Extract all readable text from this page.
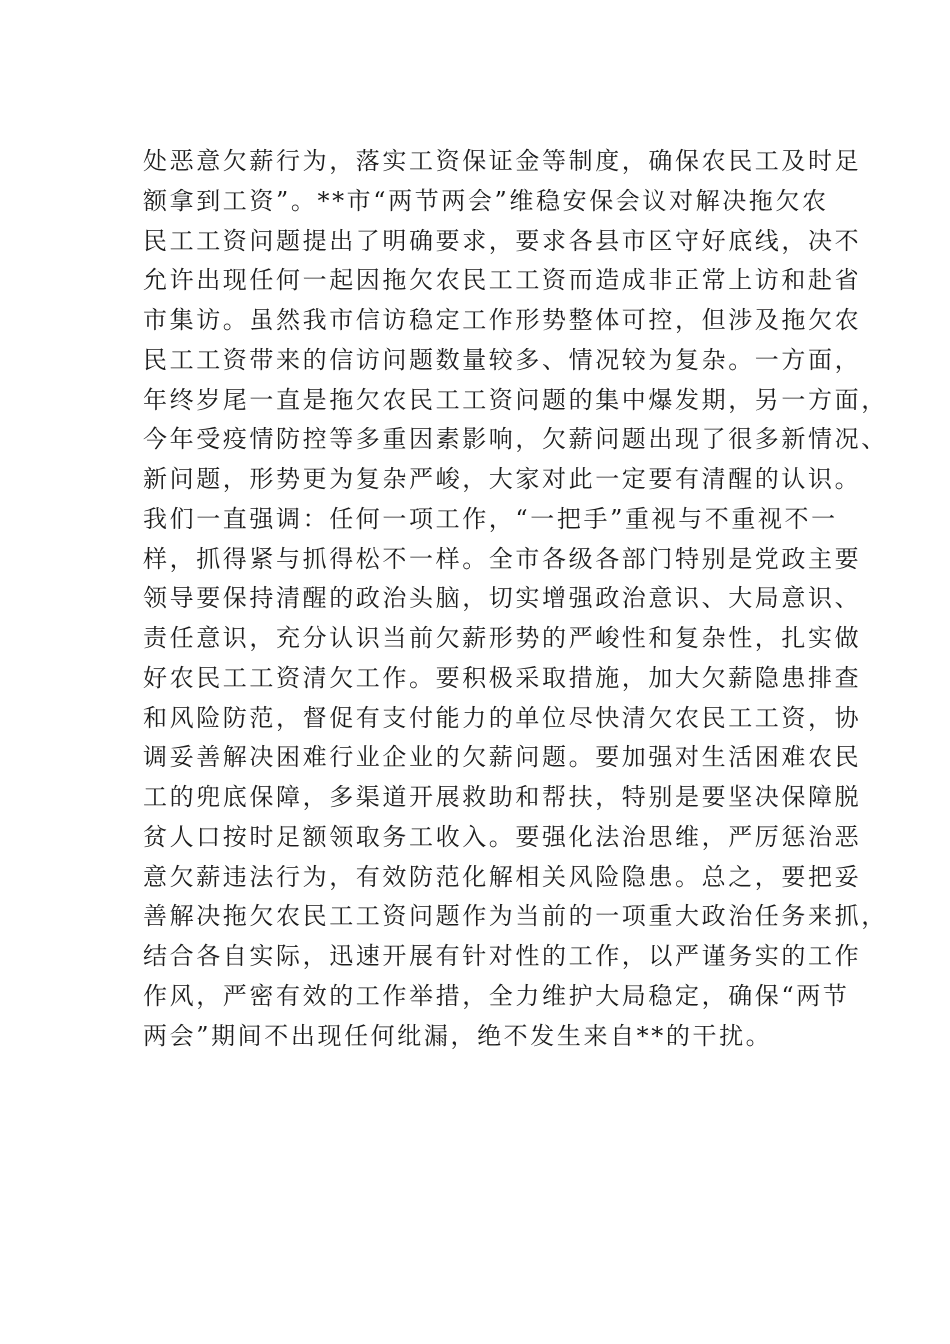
处恶意欠薪行为，落实工资保证金等制度，确保农民工及时足
额拿到工资”。**市“两节两会”维稳安保会议对解决拖欠农
民工工资问题提出了明确要求，要求各县市区守好底线，决不
允许出现任何一起因拖欠农民工工资而造成非正常上访和赴省
市集访。虽然我市信访稳定工作形势整体可控，但涉及拖欠农
民工工资带来的信访问题数量较多、情况较为复杂。一方面，
年终岁尾一直是拖欠农民工工资问题的集中爆发期，另一方面，
今年受疫情防控等多重因素影响，欠薪问题出现了很多新情况、
新问题，形势更为复杂严峻，大家对此一定要有清醒的认识。
我们一直强调：任何一项工作，“一把手”重视与不重视不一
样，抓得紧与抓得松不一样。全市各级各部门特别是党政主要
领导要保持清醒的政治头脑，切实增强政治意识、大局意识、
责任意识，充分认识当前欠薪形势的严峻性和复杂性，扎实做
好农民工工资清欠工作。要积极采取措施，加大欠薪隐患排查
和风险防范，督促有支付能力的单位尽快清欠农民工工资，协
调妥善解决困难行业企业的欠薪问题。要加强对生活困难农民
工的兜底保障，多渠道开展救助和帮扶，特别是要坚决保障脱
贫人口按时足额领取务工收入。要强化法治思维，严厉惩治恶
意欠薪违法行为，有效防范化解相关风险隐患。总之，要把妥
善解决拖欠农民工工资问题作为当前的一项重大政治任务来抓，
结合各自实际，迅速开展有针对性的工作，以严谨务实的工作
作风，严密有效的工作举措，全力维护大局稳定，确保“两节
两会”期间不出现任何纰漏，绝不发生来自**的干扰。
